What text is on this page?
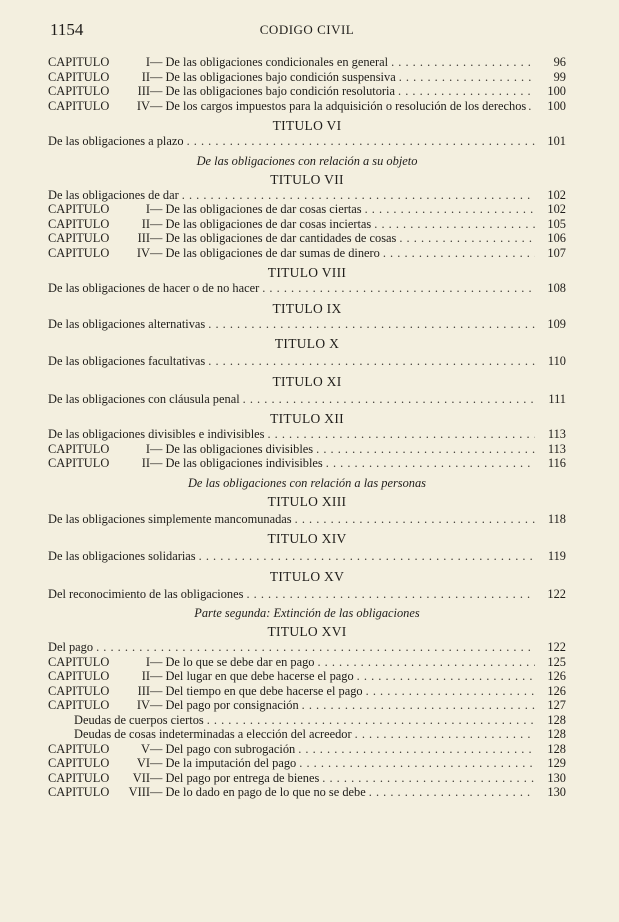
1154	CODIGO CIVIL
CAPITULO	I — De las obligaciones condicionales en general . . .	96
CAPITULO	II — De las obligaciones bajo condición suspensiva . . .	99
CAPITULO	III — De las obligaciones bajo condición resolutoria . . .	100
CAPITULO	IV — De los cargos impuestos para la adquisición o resolución de los derechos . . .	100
TITULO VI
De las obligaciones a plazo . . .	101
De las obligaciones con relación a su objeto
TITULO VII
De las obligaciones de dar . . .	102
CAPITULO	I — De las obligaciones de dar cosas ciertas . . .	102
CAPITULO	II — De las obligaciones de dar cosas inciertas . . .	105
CAPITULO	III — De las obligaciones de dar cantidades de cosas . . .	106
CAPITULO	IV — De las obligaciones de dar sumas de dinero . . .	107
TITULO VIII
De las obligaciones de hacer o de no hacer . . .	108
TITULO IX
De las obligaciones alternativas . . .	109
TITULO X
De las obligaciones facultativas . . .	110
TITULO XI
De las obligaciones con cláusula penal . . .	111
TITULO XII
De las obligaciones divisibles e indivisibles . . .	113
CAPITULO	I — De las obligaciones divisibles . . .	113
CAPITULO	II — De las obligaciones indivisibles . . .	116
De las obligaciones con relación a las personas
TITULO XIII
De las obligaciones simplemente mancomunadas . . .	118
TITULO XIV
De las obligaciones solidarias . . .	119
TITULO XV
Del reconocimiento de las obligaciones . . .	122
Parte segunda: Extinción de las obligaciones
TITULO XVI
Del pago . . .	122
CAPITULO	I — De lo que se debe dar en pago . . .	125
CAPITULO	II — Del lugar en que debe hacerse el pago . . .	126
CAPITULO	III — Del tiempo en que debe hacerse el pago . . .	126
CAPITULO	IV — Del pago por consignación . . .	127
Deudas de cuerpos ciertos . . .	128
Deudas de cosas indeterminadas a elección del acreedor . . .	128
CAPITULO	V — Del pago con subrogación . . .	128
CAPITULO	VI — De la imputación del pago . . .	129
CAPITULO	VII — Del pago por entrega de bienes . . .	130
CAPITULO	VIII — De lo dado en pago de lo que no se debe . . .	130
